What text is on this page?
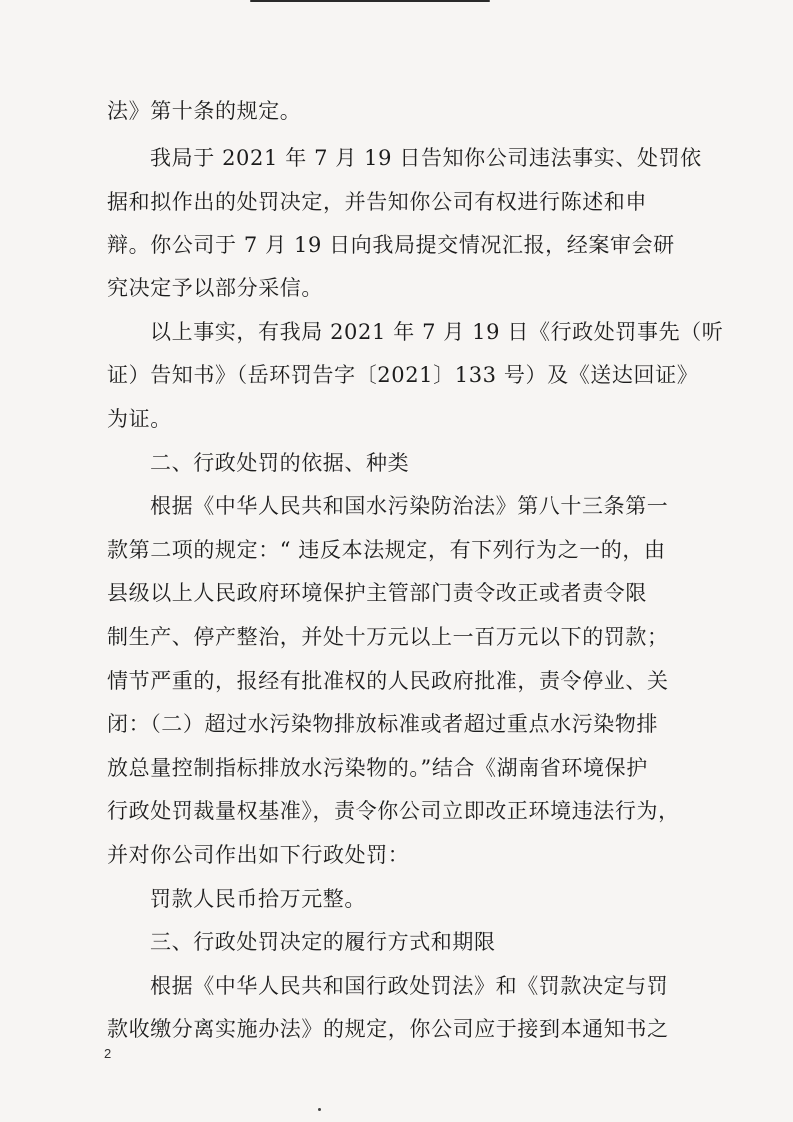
法》第十条的规定。
我局于 2021 年 7 月 19 日告知你公司违法事实、处罚依
据和拟作出的处罚决定，并告知你公司有权进行陈述和申
辩。你公司于 7 月 19 日向我局提交情况汇报，经案审会研
究决定予以部分采信。
以上事实，有我局 2021 年 7 月 19 日《行政处罚事先（听
证）告知书》（岳环罚告字〔2021〕133 号）及《送达回证》
为证。
二、行政处罚的依据、种类
根据《中华人民共和国水污染防治法》第八十三条第一
款第二项的规定：“ 违反本法规定，有下列行为之一的，由
县级以上人民政府环境保护主管部门责令改正或者责令限
制生产、停产整治，并处十万元以上一百万元以下的罚款；
情节严重的，报经有批准权的人民政府批准，责令停业、关
闭：（二）超过水污染物排放标准或者超过重点水污染物排
放总量控制指标排放水污染物的。”结合《湖南省环境保护
行政处罚裁量权基准》，责令你公司立即改正环境违法行为，
并对你公司作出如下行政处罚：
罚款人民币拾万元整。
三、行政处罚决定的履行方式和期限
根据《中华人民共和国行政处罚法》和《罚款决定与罚
款收缴分离实施办法》的规定，你公司应于接到本通知书之
2
